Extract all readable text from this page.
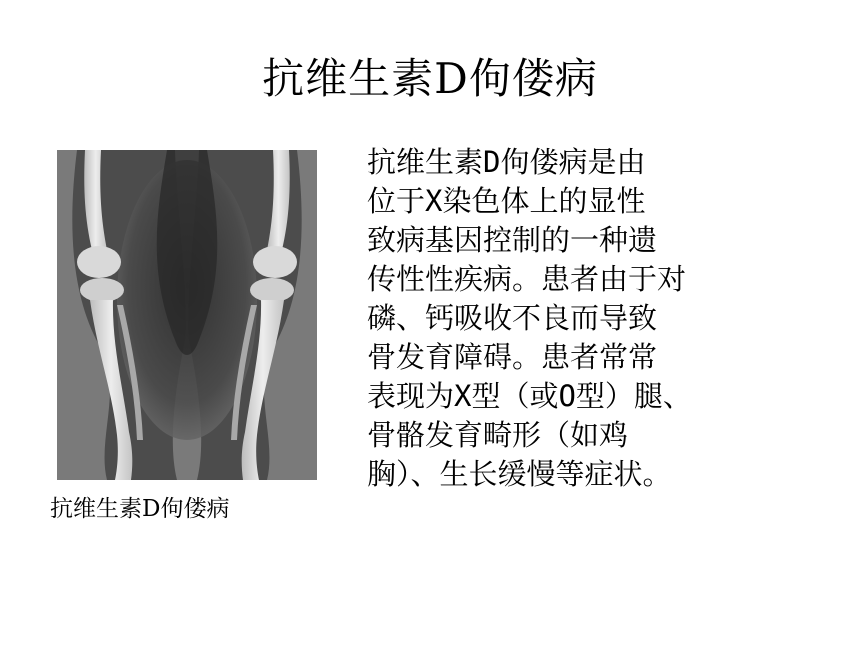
抗维生素D佝偻病
抗维生素D佝偻病
抗维生素D佝偻病是由
位于X染色体上的显性
致病基因控制的一种遗
传性性疾病。患者由于对
磷、钙吸收不良而导致
骨发育障碍。患者常常
表现为X型（或O型）腿、
骨骼发育畸形（如鸡
胸）、生长缓慢等症状。
